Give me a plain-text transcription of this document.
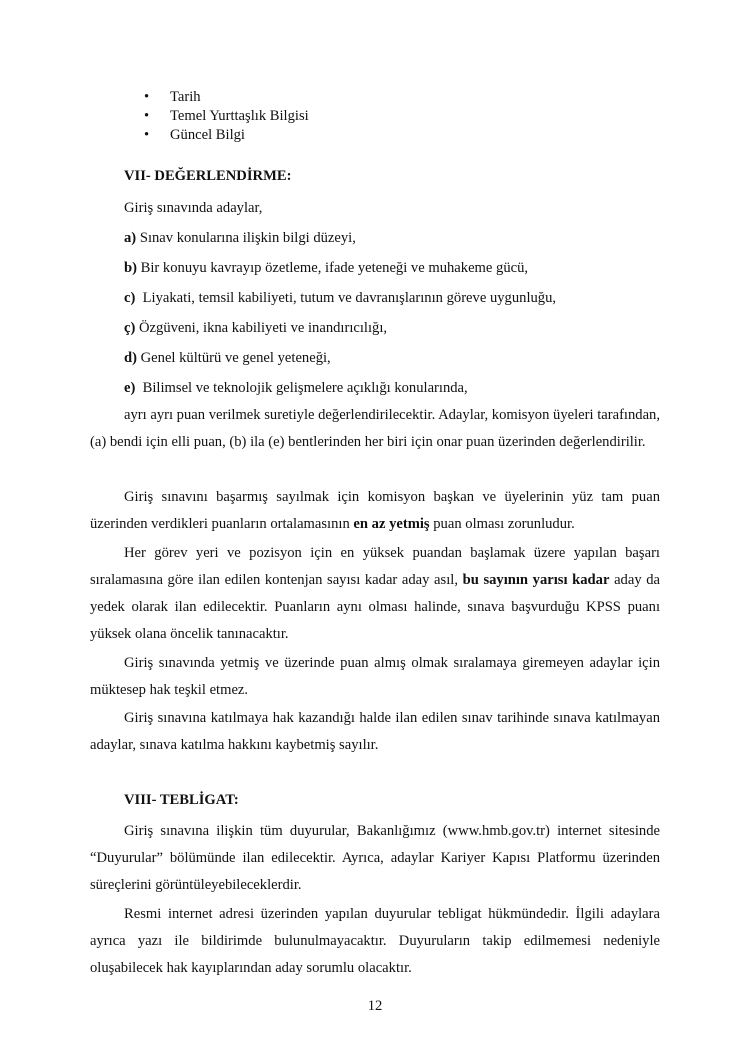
• Tarih
• Temel Yurttaşlık Bilgisi
• Güncel Bilgi
VII- DEĞERLENDİRME:
Giriş sınavında adaylar,
a) Sınav konularına ilişkin bilgi düzeyi,
b) Bir konuyu kavrayıp özetleme, ifade yeteneği ve muhakeme gücü,
c) Liyakati, temsil kabiliyeti, tutum ve davranışlarının göreve uygunluğu,
ç) Özgüveni, ikna kabiliyeti ve inandırıcılığı,
d) Genel kültürü ve genel yeteneği,
e) Bilimsel ve teknolojik gelişmelere açıklığı konularında,

ayrı ayrı puan verilmek suretiyle değerlendirilecektir. Adaylar, komisyon üyeleri tarafından, (a) bendi için elli puan, (b) ila (e) bentlerinden her biri için onar puan üzerinden değerlendirilir.

Giriş sınavını başarmış sayılmak için komisyon başkan ve üyelerinin yüz tam puan üzerinden verdikleri puanların ortalamasının en az yetmiş puan olması zorunludur.

Her görev yeri ve pozisyon için en yüksek puandan başlamak üzere yapılan başarı sıralamasına göre ilan edilen kontenjan sayısı kadar aday asıl, bu sayının yarısı kadar aday da yedek olarak ilan edilecektir. Puanların aynı olması halinde, sınava başvurduğu KPSS puanı yüksek olana öncelik tanınacaktır.

Giriş sınavında yetmiş ve üzerinde puan almış olmak sıralamaya giremeyen adaylar için müktesep hak teşkil etmez.

Giriş sınavına katılmaya hak kazandığı halde ilan edilen sınav tarihinde sınava katılmayan adaylar, sınava katılma hakkını kaybetmiş sayılır.

VIII- TEBLİGAT:

Giriş sınavına ilişkin tüm duyurular, Bakanlığımız (www.hmb.gov.tr) internet sitesinde “Duyurular” bölümünde ilan edilecektir. Ayrıca, adaylar Kariyer Kapısı Platformu üzerinden süreçlerini görüntüleyebileceklerdir.

Resmi internet adresi üzerinden yapılan duyurular tebligat hükmündedir. İlgili adaylara ayrıca yazı ile bildirimde bulunulmayacaktır. Duyuruların takip edilmemesi nedeniyle oluşabilecek hak kayıplarından aday sorumlu olacaktır.

12
